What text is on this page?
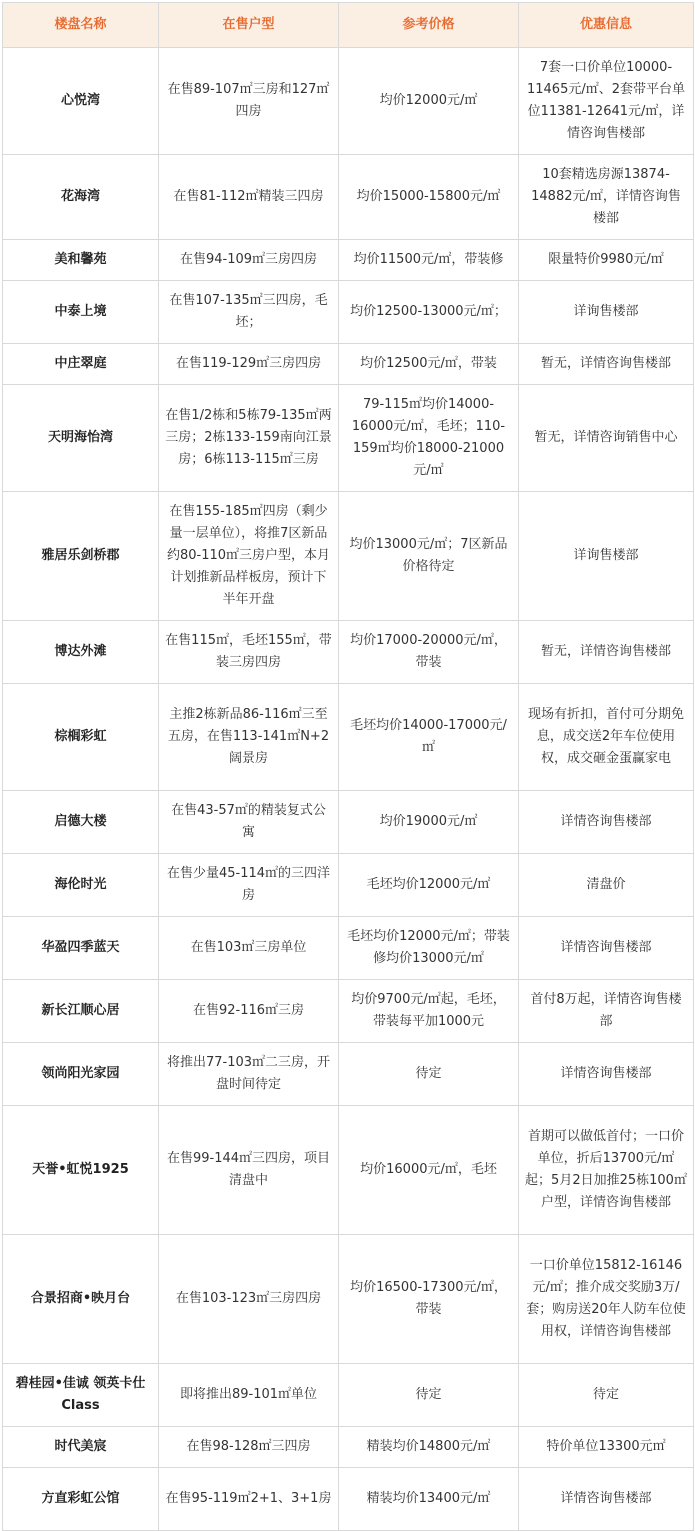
楼盘名称	在售户型	参考价格	优惠信息
心悦湾	在售89-107㎡三房和127㎡四房	均价12000元/㎡	7套一口价单位10000-11465元/㎡、2套带平台单位11381-12641元/㎡，详情咨询售楼部
花海湾	在售81-112㎡精装三四房	均价15000-15800元/㎡	10套精选房源13874-14882元/㎡，详情咨询售楼部
美和馨苑	在售94-109㎡三房四房	均价11500元/㎡，带装修	限量特价9980元/㎡
中泰上境	在售107-135㎡三四房，毛坯；	均价12500-13000元/㎡；	详询售楼部
中庄翠庭	在售119-129㎡三房四房	均价12500元/㎡，带装	暂无，详情咨询售楼部
天明海怡湾	在售1/2栋和5栋79-135㎡两三房；2栋133-159南向江景房；6栋113-115㎡三房	79-115㎡均价14000-16000元/㎡，毛坯；110-159㎡均价18000-21000元/㎡	暂无，详情咨询销售中心
雅居乐剑桥郡	在售155-185㎡四房（剩少量一层单位），将推7区新品约80-110㎡三房户型，本月计划推新品样板房，预计下半年开盘	均价13000元/㎡；7区新品价格待定	详询售楼部
博达外滩	在售115㎡，毛坯155㎡，带装三房四房	均价17000-20000元/㎡，带装	暂无，详情咨询售楼部
棕榈彩虹	主推2栋新品86-116㎡三至五房，在售113-141㎡N+2阔景房	毛坯均价14000-17000元/㎡	现场有折扣，首付可分期免息，成交送2年车位使用权，成交砸金蛋赢家电
启德大楼	在售43-57㎡的精装复式公寓	均价19000元/㎡	详情咨询售楼部
海伦时光	在售少量45-114㎡的三四洋房	毛坯均价12000元/㎡	清盘价
华盈四季蓝天	在售103㎡三房单位	毛坯均价12000元/㎡；带装修均价13000元/㎡	详情咨询售楼部
新长江顺心居	在售92-116㎡三房	均价9700元/㎡起，毛坯，带装每平加1000元	首付8万起，详情咨询售楼部
领尚阳光家园	将推出77-103㎡二三房，开盘时间待定	待定	详情咨询售楼部
天誉•虹悦1925	在售99-144㎡三四房，项目清盘中	均价16000元/㎡，毛坯	首期可以做低首付；一口价单位，折后13700元/㎡起；5月2日加推25栋100㎡户型，详情咨询售楼部
合景招商•映月台	在售103-123㎡三房四房	均价16500-17300元/㎡，带装	一口价单位15812-16146元/㎡；推介成交奖励3万/套；购房送20年人防车位使用权，详情咨询售楼部
碧桂园•佳诚 领英卡仕Class	即将推出89-101㎡单位	待定	待定
时代美宸	在售98-128㎡三四房	精装均价14800元/㎡	特价单位13300元㎡
方直彩虹公馆	在售95-119㎡2+1、3+1房	精装均价13400元/㎡	详情咨询售楼部
